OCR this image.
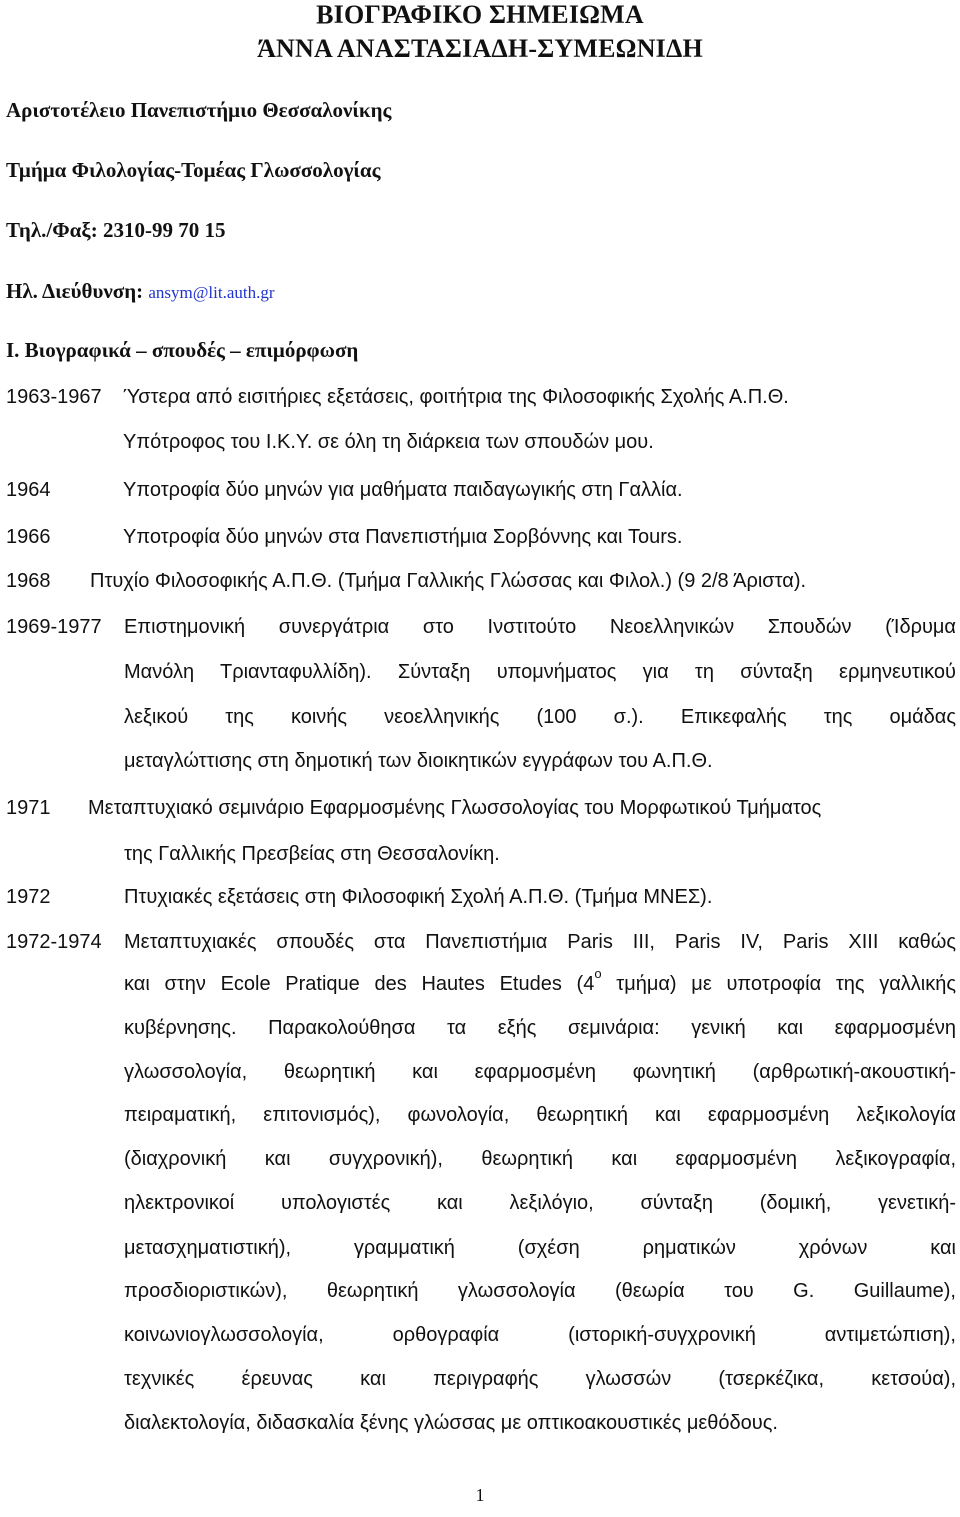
ΒΙΟΓΡΑΦΙΚΟ ΣΗΜΕΙΩΜΑ
ΆΝΝΑ ΑΝΑΣΤΑΣΙΑΔΗ-ΣΥΜΕΩΝΙΔΗ
Αριστοτέλειο Πανεπιστήμιο Θεσσαλονίκης
Τμήμα Φιλολογίας-Τομέας Γλωσσολογίας
Τηλ./Φαξ: 2310-99 70 15
Ηλ. Διεύθυνση: ansym@lit.auth.gr
Ι. Βιογραφικά – σπουδές – επιμόρφωση
1963-1967 Ύστερα από εισιτήριες εξετάσεις, φοιτήτρια της Φιλοσοφικής Σχολής Α.Π.Θ.
Υπότροφος του Ι.Κ.Υ. σε όλη τη διάρκεια των σπουδών μου.
1964	Υποτροφία δύο μηνών για μαθήματα παιδαγωγικής στη Γαλλία.
1966	Υποτροφία δύο μηνών στα Πανεπιστήμια Σορβόννης και Tours.
1968 Πτυχίο Φιλοσοφικής Α.Π.Θ. (Τμήμα Γαλλικής Γλώσσας και Φιλολ.) (9 2/8 Άριστα).
1969-1977 Επιστημονική συνεργάτρια στο Ινστιτούτο Νεοελληνικών Σπουδών (Ίδρυμα
Μανόλη Τριανταφυλλίδη). Σύνταξη υπομνήματος για τη σύνταξη ερμηνευτικού
λεξικού της κοινής νεοελληνικής (100 σ.). Επικεφαλής της ομάδας
μεταγλώττισης στη δημοτική των διοικητικών εγγράφων του Α.Π.Θ.
1971 Μεταπτυχιακό σεμινάριο Εφαρμοσμένης Γλωσσολογίας του Μορφωτικού Τμήματος
της Γαλλικής Πρεσβείας στη Θεσσαλονίκη.
1972	Πτυχιακές εξετάσεις στη Φιλοσοφική Σχολή Α.Π.Θ. (Τμήμα ΜΝΕΣ).
1972-1974 Μεταπτυχιακές σπουδές στα Πανεπιστήμια Paris III, Paris IV, Paris XIII καθώς
και στην Ecole Pratique des Hautes Etudes ($4^o$ τμήμα) με υποτροφία της γαλλικής
κυβέρνησης. Παρακολούθησα τα εξής σεμινάρια: γενική και εφαρμοσμένη
γλωσσολογία, θεωρητική και εφαρμοσμένη φωνητική (αρθρωτική-ακουστική-
πειραματική, επιτονισμός), φωνολογία, θεωρητική και εφαρμοσμένη λεξικολογία
(διαχρονική και συγχρονική), θεωρητική και εφαρμοσμένη λεξικογραφία,
ηλεκτρονικοί υπολογιστές και λεξιλόγιο, σύνταξη (δομική, γενετική-
μετασχηματιστική), γραμματική (σχέση ρηματικών χρόνων και
προσδιοριστικών), θεωρητική γλωσσολογία (θεωρία του G. Guillaume),
κοινωνιογλωσσολογία, ορθογραφία (ιστορική-συγχρονική αντιμετώπιση),
τεχνικές έρευνας και περιγραφής γλωσσών (τσερκέζικα, κετσούα),
διαλεκτολογία, διδασκαλία ξένης γλώσσας με οπτικοακουστικές μεθόδους.
1
